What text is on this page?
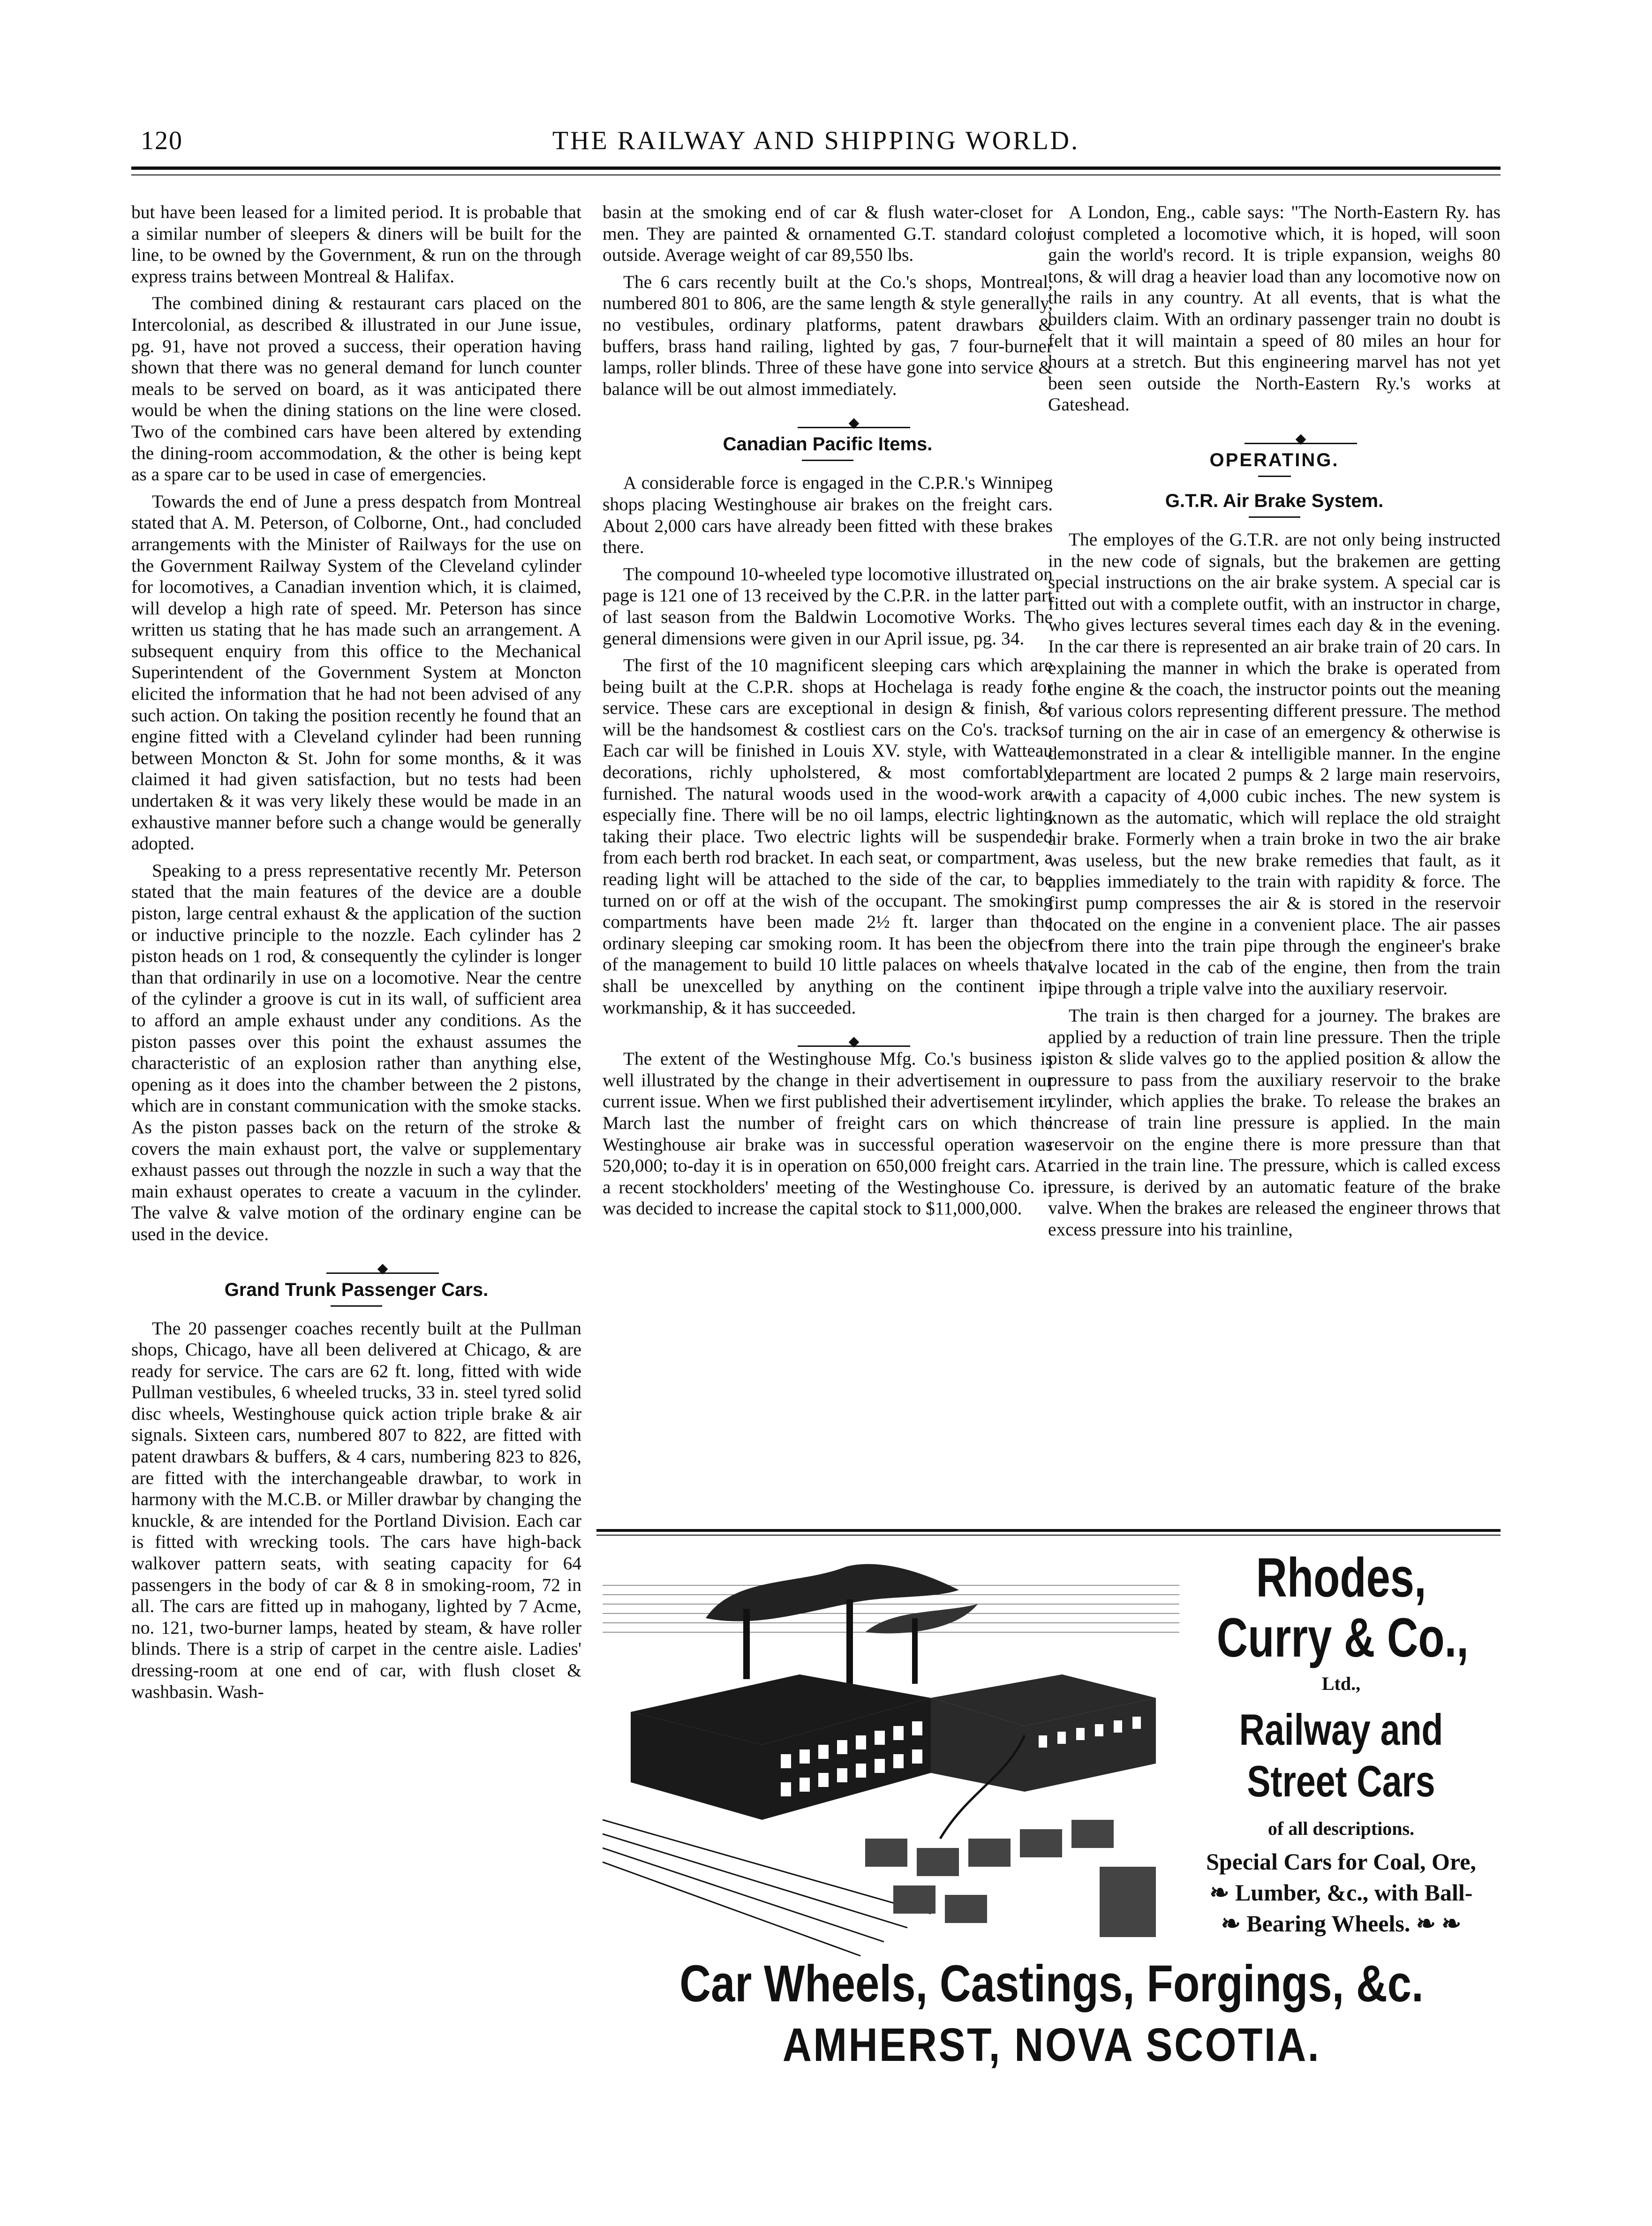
120	THE RAILWAY AND SHIPPING WORLD.

but have been leased for a limited period. It is probable that a similar number of sleepers & diners will be built for the line, to be owned by the Government, & run on the through express trains between Montreal & Halifax.

The combined dining & restaurant cars placed on the Intercolonial, as described & illustrated in our June issue, pg. 91, have not proved a success, their operation having shown that there was no general demand for lunch counter meals to be served on board, as it was anticipated there would be when the dining stations on the line were closed. Two of the combined cars have been altered by extending the dining-room accommodation, & the other is being kept as a spare car to be used in case of emergencies.

Towards the end of June a press despatch from Montreal stated that A. M. Peterson, of Colborne, Ont., had concluded arrangements with the Minister of Railways for the use on the Government Railway System of the Cleveland cylinder for locomotives, a Canadian invention which, it is claimed, will develop a high rate of speed. Mr. Peterson has since written us stating that he has made such an arrangement. A subsequent enquiry from this office to the Mechanical Superintendent of the Government System at Moncton elicited the information that he had not been advised of any such action. On taking the position recently he found that an engine fitted with a Cleveland cylinder had been running between Moncton & St. John for some months, & it was claimed it had given satisfaction, but no tests had been undertaken & it was very likely these would be made in an exhaustive manner before such a change would be generally adopted.

Speaking to a press representative recently Mr. Peterson stated that the main features of the device are a double piston, large central exhaust & the application of the suction or inductive principle to the nozzle. Each cylinder has 2 piston heads on 1 rod, & consequently the cylinder is longer than that ordinarily in use on a locomotive. Near the centre of the cylinder a groove is cut in its wall, of sufficient area to afford an ample exhaust under any conditions. As the piston passes over this point the exhaust assumes the characteristic of an explosion rather than anything else, opening as it does into the chamber between the 2 pistons, which are in constant communication with the smoke stacks. As the piston passes back on the return of the stroke & covers the main exhaust port, the valve or supplementary exhaust passes out through the nozzle in such a way that the main exhaust operates to create a vacuum in the cylinder. The valve & valve motion of the ordinary engine can be used in the device.

Grand Trunk Passenger Cars.

The 20 passenger coaches recently built at the Pullman shops, Chicago, have all been delivered at Chicago, & are ready for service. The cars are 62 ft. long, fitted with wide Pullman vestibules, 6 wheeled trucks, 33 in. steel tyred solid disc wheels, Westinghouse quick action triple brake & air signals. Sixteen cars, numbered 807 to 822, are fitted with patent drawbars & buffers, & 4 cars, numbering 823 to 826, are fitted with the interchangeable drawbar, to work in harmony with the M.C.B. or Miller drawbar by changing the knuckle, & are intended for the Portland Division. Each car is fitted with wrecking tools. The cars have high-back walkover pattern seats, with seating capacity for 64 passengers in the body of car & 8 in smoking-room, 72 in all. The cars are fitted up in mahogany, lighted by 7 Acme, no. 121, two-burner lamps, heated by steam, & have roller blinds. There is a strip of carpet in the centre aisle. Ladies' dressing-room at one end of car, with flush closet & washbasin. Wash-

basin at the smoking end of car & flush water-closet for men. They are painted & ornamented G.T. standard color outside. Average weight of car 89,550 lbs.

The 6 cars recently built at the Co.'s shops, Montreal, numbered 801 to 806, are the same length & style generally, no vestibules, ordinary platforms, patent drawbars & buffers, brass hand railing, lighted by gas, 7 four-burner lamps, roller blinds. Three of these have gone into service & balance will be out almost immediately.

Canadian Pacific Items.

A considerable force is engaged in the C.P.R.'s Winnipeg shops placing Westinghouse air brakes on the freight cars. About 2,000 cars have already been fitted with these brakes there.

The compound 10-wheeled type locomotive illustrated on page is 121 one of 13 received by the C.P.R. in the latter part of last season from the Baldwin Locomotive Works. The general dimensions were given in our April issue, pg. 34.

The first of the 10 magnificent sleeping cars which are being built at the C.P.R. shops at Hochelaga is ready for service. These cars are exceptional in design & finish, & will be the handsomest & costliest cars on the Co's. tracks. Each car will be finished in Louis XV. style, with Watteau decorations, richly upholstered, & most comfortably furnished. The natural woods used in the wood-work are especially fine. There will be no oil lamps, electric lighting taking their place. Two electric lights will be suspended from each berth rod bracket. In each seat, or compartment, a reading light will be attached to the side of the car, to be turned on or off at the wish of the occupant. The smoking compartments have been made 2½ ft. larger than the ordinary sleeping car smoking room. It has been the object of the management to build 10 little palaces on wheels that shall be unexcelled by anything on the continent in workmanship, & it has succeeded.

The extent of the Westinghouse Mfg. Co.'s business is well illustrated by the change in their advertisement in our current issue. When we first published their advertisement in March last the number of freight cars on which the Westinghouse air brake was in successful operation was 520,000; to-day it is in operation on 650,000 freight cars. At a recent stockholders' meeting of the Westinghouse Co. it was decided to increase the capital stock to $11,000,000.

A London, Eng., cable says: "The North-Eastern Ry. has just completed a locomotive which, it is hoped, will soon gain the world's record. It is triple expansion, weighs 80 tons, & will drag a heavier load than any locomotive now on the rails in any country. At all events, that is what the builders claim. With an ordinary passenger train no doubt is felt that it will maintain a speed of 80 miles an hour for hours at a stretch. But this engineering marvel has not yet been seen outside the North-Eastern Ry.'s works at Gateshead.

OPERATING.
G.T.R. Air Brake System.

The employes of the G.T.R. are not only being instructed in the new code of signals, but the brakemen are getting special instructions on the air brake system. A special car is fitted out with a complete outfit, with an instructor in charge, who gives lectures several times each day & in the evening. In the car there is represented an air brake train of 20 cars. In explaining the manner in which the brake is operated from the engine & the coach, the instructor points out the meaning of various colors representing different pressure. The method of turning on the air in case of an emergency & otherwise is demonstrated in a clear & intelligible manner. In the engine department are located 2 pumps & 2 large main reservoirs, with a capacity of 4,000 cubic inches. The new system is known as the automatic, which will replace the old straight air brake. Formerly when a train broke in two the air brake was useless, but the new brake remedies that fault, as it applies immediately to the train with rapidity & force. The first pump compresses the air & is stored in the reservoir located on the engine in a convenient place. The air passes from there into the train pipe through the engineer's brake valve located in the cab of the engine, then from the train pipe through a triple valve into the auxiliary reservoir.

The train is then charged for a journey. The brakes are applied by a reduction of train line pressure. Then the triple piston & slide valves go to the applied position & allow the pressure to pass from the auxiliary reservoir to the brake cylinder, which applies the brake. To release the brakes an increase of train line pressure is applied. In the main reservoir on the engine there is more pressure than that carried in the train line. The pressure, which is called excess pressure, is derived by an automatic feature of the brake valve. When the brakes are released the engineer throws that excess pressure into his trainline,

Rhodes,
Curry & Co.,
Ltd.,
Railway and
Street Cars
of all descriptions.
Special Cars for Coal, Ore,
❧ Lumber, &c., with Ball-
❧ Bearing Wheels. ❧ ❧
Car Wheels, Castings, Forgings, &c.
AMHERST, NOVA SCOTIA.
